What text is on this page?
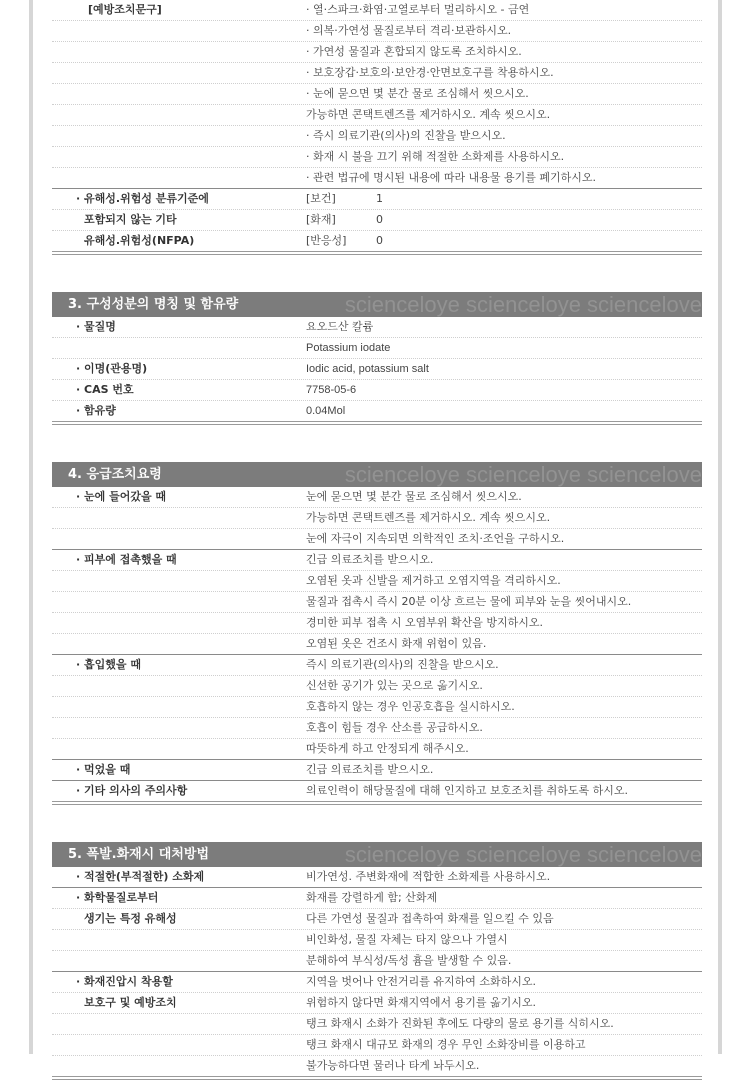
[예방조치문구]	· 열·스파크·화염·고열로부터 멀리하시오 - 금연
· 의복·가연성 물질로부터 격리·보관하시오.
· 가연성 물질과 혼합되지 않도록 조치하시오.
· 보호장갑·보호의·보안경·안면보호구를 착용하시오.
· 눈에 묻으면 몇 분간 물로 조심해서 씻으시오.
가능하면 콘택트렌즈를 제거하시오. 계속 씻으시오.
· 즉시 의료기관(의사)의 진찰을 받으시오.
· 화재 시 불을 끄기 위해 적절한 소화제를 사용하시오.
· 관련 법규에 명시된 내용에 따라 내용물 용기를 폐기하시오.
· 유해성.위험성 분류기준에	[보건]	1
포함되지 않는 기타	[화재]	0
유해성.위험성(NFPA)	[반응성]	0
scienceloye scienceloye sciencelove
3. 구성성분의 명칭 및 함유량
· 물질명	요오드산 칼륨
Potassium iodate
· 이명(관용명)	Iodic acid, potassium salt
· CAS 번호	7758-05-6
· 함유량	0.04Mol
scienceloye scienceloye sciencelove
4. 응급조치요령
· 눈에 들어갔을 때	눈에 묻으면 몇 분간 물로 조심해서 씻으시오.
가능하면 콘택트렌즈를 제거하시오. 계속 씻으시오.
눈에 자극이 지속되면 의학적인 조치·조언을 구하시오.
· 피부에 접촉했을 때	긴급 의료조치를 받으시오.
오염된 옷과 신발을 제거하고 오염지역을 격리하시오.
물질과 접촉시 즉시 20분 이상 흐르는 물에 피부와 눈을 씻어내시오.
경미한 피부 접촉 시 오염부위 확산을 방지하시오.
오염된 옷은 건조시 화재 위험이 있음.
· 흡입했을 때	즉시 의료기관(의사)의 진찰을 받으시오.
신선한 공기가 있는 곳으로 옮기시오.
호흡하지 않는 경우 인공호흡을 실시하시오.
호흡이 힘들 경우 산소를 공급하시오.
따뜻하게 하고 안정되게 해주시오.
· 먹었을 때	긴급 의료조치를 받으시오.
· 기타 의사의 주의사항	의료인력이 해당물질에 대해 인지하고 보호조치를 취하도록 하시오.
scienceloye scienceloye sciencelove
5. 폭발.화재시 대처방법
· 적절한(부적절한) 소화제	비가연성. 주변화재에 적합한 소화제를 사용하시오.
· 화학물질로부터	화재를 강렬하게 함; 산화제
생기는 특정 유해성	다른 가연성 물질과 접촉하여 화재를 일으킬 수 있음
비인화성, 물질 자체는 타지 않으나 가열시
분해하여 부식성/독성 흄을 발생할 수 있음.
· 화재진압시 착용할	지역을 벗어나 안전거리를 유지하여 소화하시오.
보호구 및 예방조치	위험하지 않다면 화재지역에서 용기를 옮기시오.
탱크 화재시 소화가 진화된 후에도 다량의 물로 용기를 식히시오.
탱크 화재시 대규모 화재의 경우 무인 소화장비를 이용하고
불가능하다면 물러나 타게 놔두시오.
